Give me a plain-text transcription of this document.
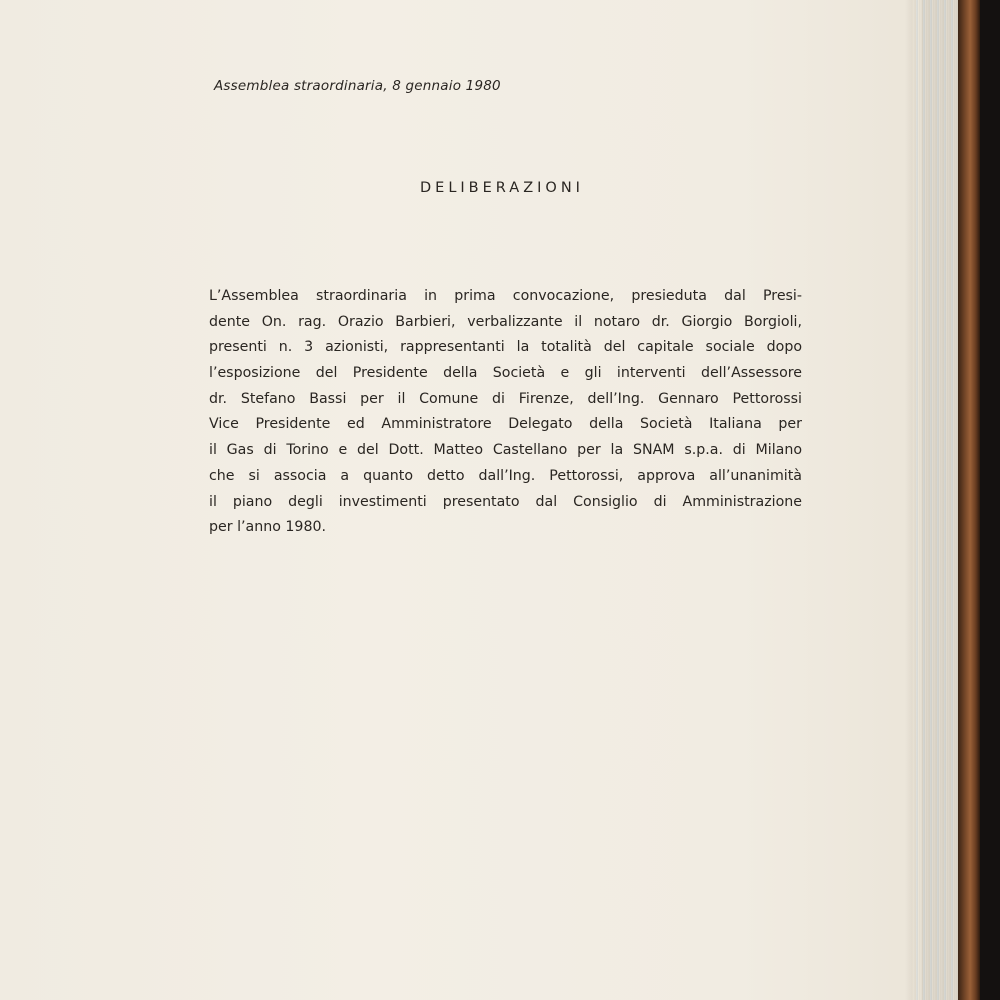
Assemblea straordinaria, 8 gennaio 1980
DELIBERAZIONI
L’Assemblea straordinaria in prima convocazione, presieduta dal Presi-
dente On. rag. Orazio Barbieri, verbalizzante il notaro dr. Giorgio Borgioli,
presenti n. 3 azionisti, rappresentanti la totalità del capitale sociale dopo
l’esposizione del Presidente della Società e gli interventi dell’Assessore
dr. Stefano Bassi per il Comune di Firenze, dell’Ing. Gennaro Pettorossi
Vice Presidente ed Amministratore Delegato della Società Italiana per
il Gas di Torino e del Dott. Matteo Castellano per la SNAM s.p.a. di Milano
che si associa a quanto detto dall’Ing. Pettorossi, approva all’unanimità
il piano degli investimenti presentato dal Consiglio di Amministrazione
per l’anno 1980.
